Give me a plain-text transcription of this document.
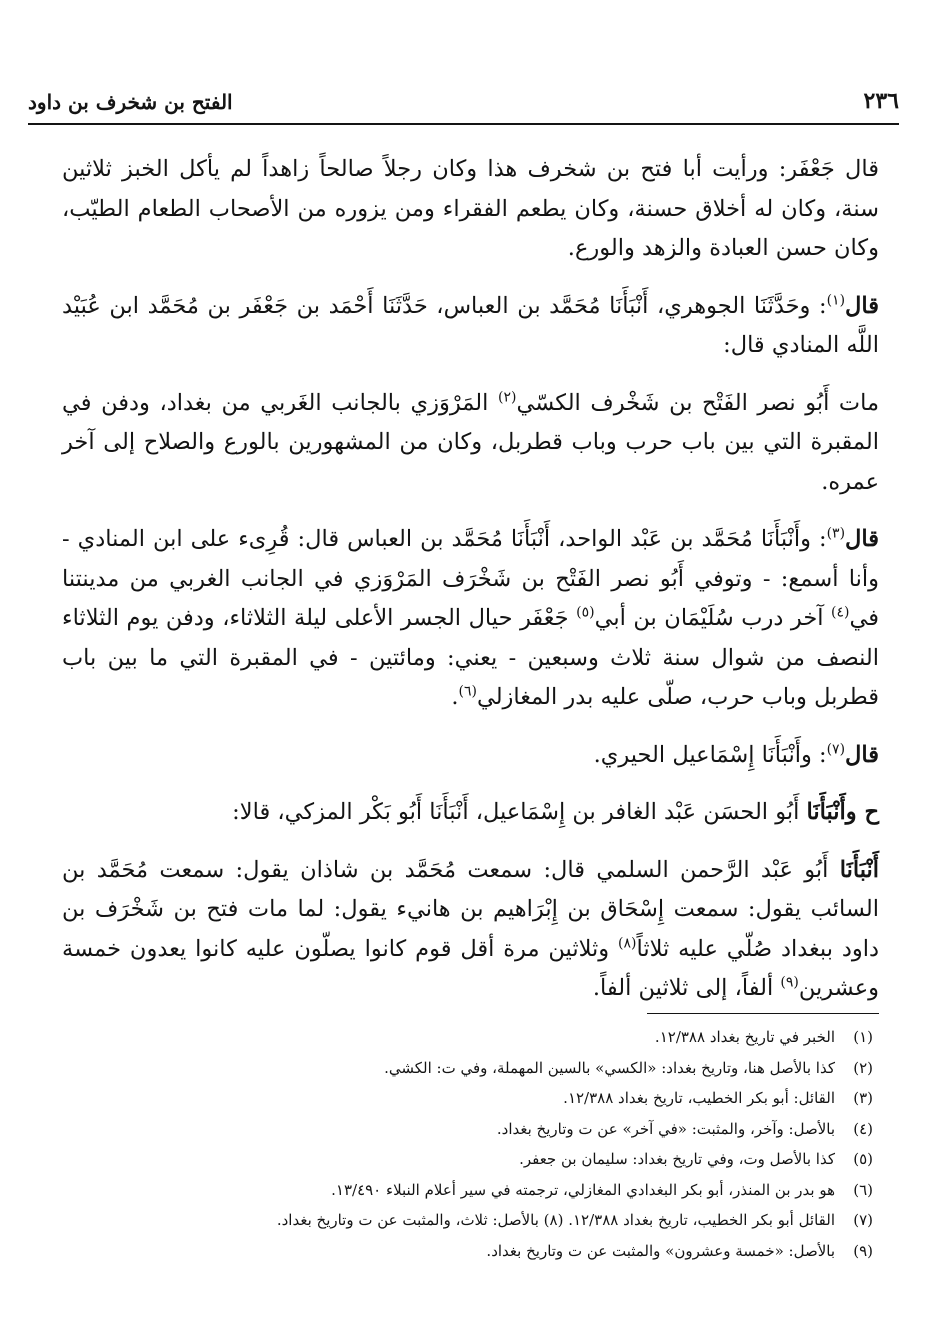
٢٣٦
الفتح بن شخرف بن داود

قال جَعْفَر: ورأيت أبا فتح بن شخرف هذا وكان رجلاً صالحاً زاهداً لم يأكل الخبز ثلاثين سنة، وكان له أخلاق حسنة، وكان يطعم الفقراء ومن يزوره من الأصحاب الطعام الطيّب، وكان حسن العبادة والزهد والورع.

قال$^{(١)}$: وحَدَّثَنَا الجوهري، أَنْبَأَنَا مُحَمَّد بن العباس، حَدَّثَنَا أَحْمَد بن جَعْفَر بن مُحَمَّد ابن عُبَيْد اللَّه المنادي قال:

مات أَبُو نصر الفَتْح بن شَخْرف الكسّي$^{(٢)}$ المَرْوَزي بالجانب الغَربي من بغداد، ودفن في المقبرة التي بين باب حرب وباب قطربل، وكان من المشهورين بالورع والصلاح إلى آخر عمره.

قال$^{(٣)}$: وأَنْبَأَنَا مُحَمَّد بن عَبْد الواحد، أَنْبَأَنَا مُحَمَّد بن العباس قال: قُرِىء على ابن المنادي - وأنا أسمع: - وتوفي أَبُو نصر الفَتْح بن شَخْرَف المَرْوَزي في الجانب الغربي من مدينتنا في$^{(٤)}$ آخر درب سُلَيْمَان بن أبي$^{(٥)}$ جَعْفَر حيال الجسر الأعلى ليلة الثلاثاء، ودفن يوم الثلاثاء النصف من شوال سنة ثلاث وسبعين - يعني: ومائتين - في المقبرة التي ما بين باب قطربل وباب حرب، صلّى عليه بدر المغازلي$^{(٦)}$.

قال$^{(٧)}$: وأَنْبَأَنَا إِسْمَاعيل الحيري.

ح وأَنْبَأَنَا أَبُو الحسَن عَبْد الغافر بن إِسْمَاعيل، أَنْبَأَنَا أَبُو بَكْر المزكي، قالا:

أَنْبَأَنَا أَبُو عَبْد الرَّحمن السلمي قال: سمعت مُحَمَّد بن شاذان يقول: سمعت مُحَمَّد بن السائب يقول: سمعت إِسْحَاق بن إِبْرَاهيم بن هانيء يقول: لما مات فتح بن شَخْرَف بن داود ببغداد صُلّي عليه ثلاثاً$^{(٨)}$ وثلاثين مرة أقل قوم كانوا يصلّون عليه كانوا يعدون خمسة وعشرين$^{(٩)}$ ألفاً، إلى ثلاثين ألفاً.

(١)الخبر في تاريخ بغداد ١٢/٣٨٨.
(٢)كذا بالأصل هنا، وتاريخ بغداد: «الكسي» بالسين المهملة، وفي ت: الكشي.
(٣)القائل: أبو بكر الخطيب، تاريخ بغداد ١٢/٣٨٨.
(٤)بالأصل: وآخر، والمثبت: «في آخر» عن ت وتاريخ بغداد.
(٥)كذا بالأصل وت، وفي تاريخ بغداد: سليمان بن جعفر.
(٦)هو بدر بن المنذر، أبو بكر البغدادي المغازلي، ترجمته في سير أعلام النبلاء ١٣/٤٩٠.
(٧)القائل أبو بكر الخطيب، تاريخ بغداد ١٢/٣٨٨. (٨) بالأصل: ثلاث، والمثبت عن ت وتاريخ بغداد.
(٩)بالأصل: «خمسة وعشرون» والمثبت عن ت وتاريخ بغداد.
